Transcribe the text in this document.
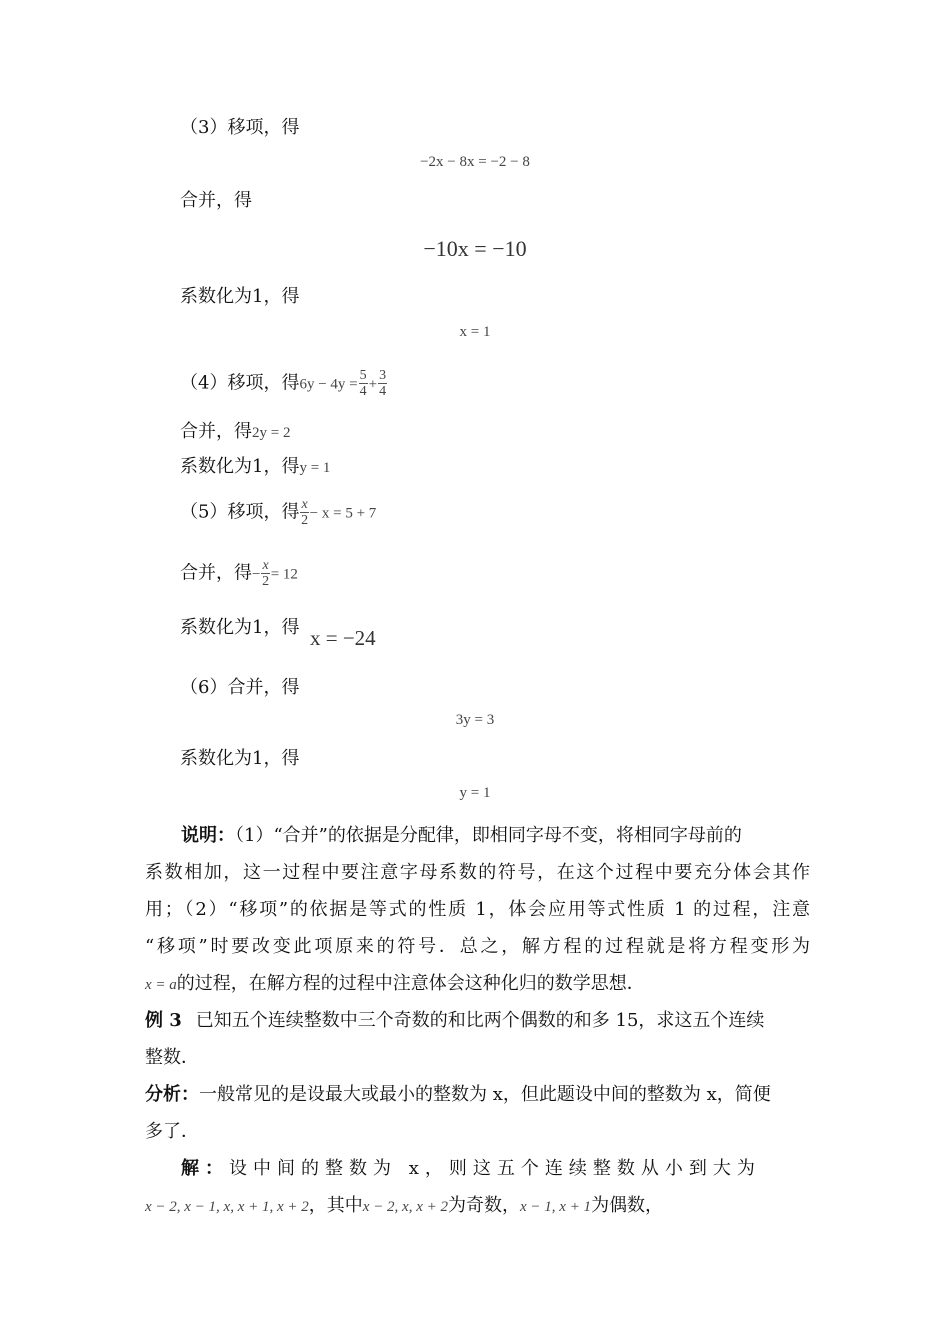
（3）移项，得
−2x − 8x = −2 − 8
合并，得
−10x = −10
系数化为1，得
x = 1
（4）移项，得$6y - 4y = \frac{5}{4} + \frac{3}{4}$
合并，得2y = 2
系数化为1，得y = 1
（5）移项，得 $\frac{x}{2} - x = 5 + 7$
合并，得− $\frac{x}{2} = 12$
系数化为1，得 x = −24
（6）合并，得
3y = 3
系数化为1，得
y = 1
说明：（1）“合并”的依据是分配律，即相同字母不变，将相同字母前的
系数相加，这一过程中要注意字母系数的符号，在这个过程中要充分体会其作
用；（2）“移项”的依据是等式的性质 1，体会应用等式性质 1 的过程，注意
“移项”时要改变此项原来的符号．总之，解方程的过程就是将方程变形为
x = a的过程，在解方程的过程中注意体会这种化归的数学思想．
例 3 已知五个连续整数中三个奇数的和比两个偶数的和多 15，求这五个连续
整数．
分析：一般常见的是设最大或最小的整数为 x，但此题设中间的整数为 x，简便
多了．
解：设中间的整数为 x，则这五个连续整数从小到大为
x − 2, x − 1, x, x + 1, x + 2，其中x − 2, x, x + 2为奇数，x − 1, x + 1为偶数，
